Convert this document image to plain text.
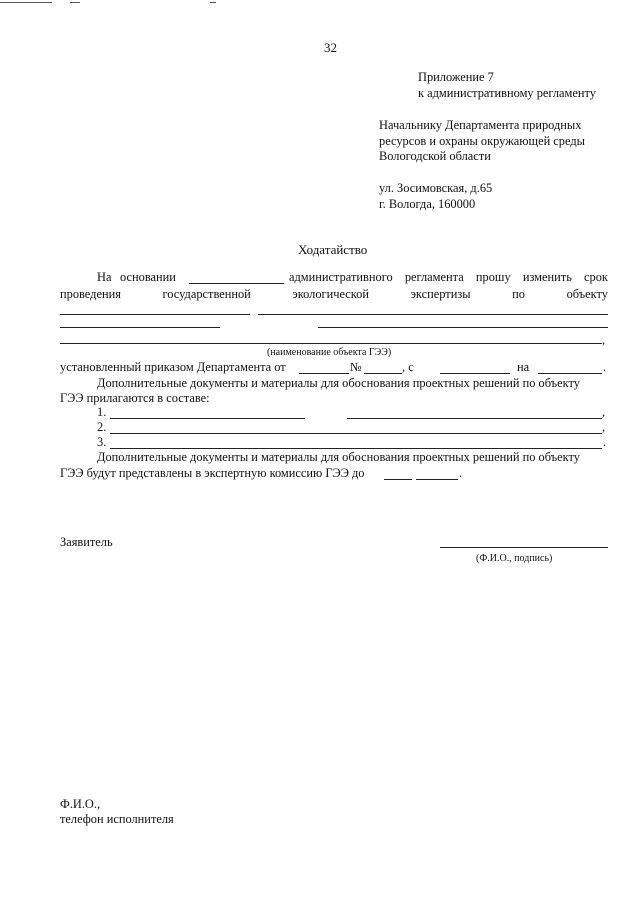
32
Приложение 7
к административному регламенту
Начальнику Департамента природных
ресурсов и охраны окружающей среды
Вологодской области
ул. Зосимовская, д.65
г. Вологда, 160000
Ходатайство
На основании	административного регламента прошу изменить срок
проведения	государственной	экологической	экспертизы	по	объекту
,
(наименование объекта ГЭЭ)
установленный приказом Департамента от	№	, с	на	.
Дополнительные документы и материалы для обоснования проектных решений по объекту
ГЭЭ прилагаются в составе:
1.	,
2.	,
3.	.
Дополнительные документы и материалы для обоснования проектных решений по объекту
ГЭЭ будут представлены в экспертную комиссию ГЭЭ до	.
Заявитель
(Ф.И.О., подпись)
Ф.И.О.,
телефон исполнителя
